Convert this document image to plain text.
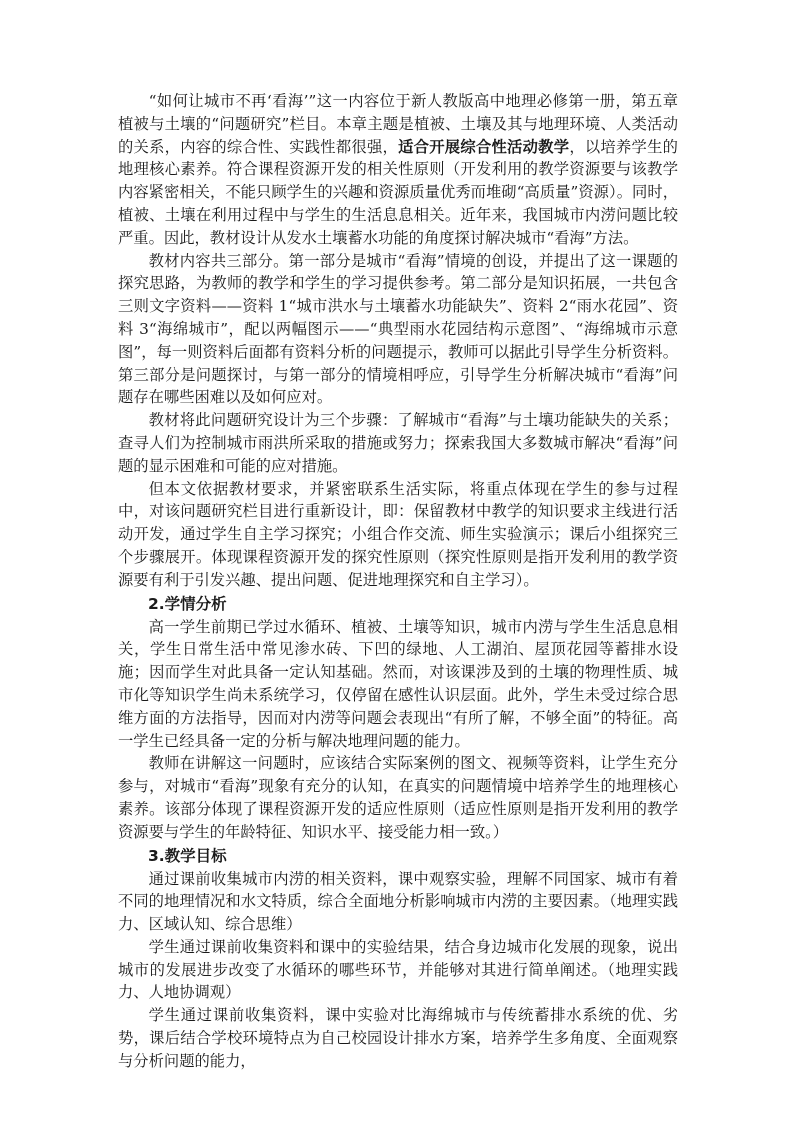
“如何让城市不再‘看海’”这一内容位于新人教版高中地理必修第一册，第五章植被与土壤的“问题研究”栏目。本章主题是植被、土壤及其与地理环境、人类活动的关系，内容的综合性、实践性都很强，适合开展综合性活动教学，以培养学生的地理核心素养。符合课程资源开发的相关性原则（开发利用的教学资源要与该教学内容紧密相关，不能只顾学生的兴趣和资源质量优秀而堆砌“高质量”资源）。同时，植被、土壤在利用过程中与学生的生活息息相关。近年来，我国城市内涝问题比较严重。因此，教材设计从发水土壤蓄水功能的角度探讨解决城市“看海”方法。

教材内容共三部分。第一部分是城市“看海”情境的创设，并提出了这一课题的探究思路，为教师的教学和学生的学习提供参考。第二部分是知识拓展，一共包含三则文字资料——资料 1“城市洪水与土壤蓄水功能缺失”、资料 2“雨水花园”、资料 3“海绵城市”，配以两幅图示——“典型雨水花园结构示意图”、“海绵城市示意图”，每一则资料后面都有资料分析的问题提示，教师可以据此引导学生分析资料。第三部分是问题探讨，与第一部分的情境相呼应，引导学生分析解决城市“看海”问题存在哪些困难以及如何应对。

教材将此问题研究设计为三个步骤：了解城市“看海”与土壤功能缺失的关系；查寻人们为控制城市雨洪所采取的措施或努力；探索我国大多数城市解决“看海”问题的显示困难和可能的应对措施。

但本文依据教材要求，并紧密联系生活实际，将重点体现在学生的参与过程中，对该问题研究栏目进行重新设计，即：保留教材中教学的知识要求主线进行活动开发，通过学生自主学习探究；小组合作交流、师生实验演示；课后小组探究三个步骤展开。体现课程资源开发的探究性原则（探究性原则是指开发利用的教学资源要有利于引发兴趣、提出问题、促进地理探究和自主学习）。

2.学情分析

高一学生前期已学过水循环、植被、土壤等知识，城市内涝与学生生活息息相关，学生日常生活中常见渗水砖、下凹的绿地、人工湖泊、屋顶花园等蓄排水设施；因而学生对此具备一定认知基础。然而，对该课涉及到的土壤的物理性质、城市化等知识学生尚未系统学习，仅停留在感性认识层面。此外，学生未受过综合思维方面的方法指导，因而对内涝等问题会表现出“有所了解，不够全面”的特征。高一学生已经具备一定的分析与解决地理问题的能力。

教师在讲解这一问题时，应该结合实际案例的图文、视频等资料，让学生充分参与，对城市“看海”现象有充分的认知，在真实的问题情境中培养学生的地理核心素养。该部分体现了课程资源开发的适应性原则（适应性原则是指开发利用的教学资源要与学生的年龄特征、知识水平、接受能力相一致。）

3.教学目标

通过课前收集城市内涝的相关资料，课中观察实验，理解不同国家、城市有着不同的地理情况和水文特质，综合全面地分析影响城市内涝的主要因素。（地理实践力、区域认知、综合思维）

学生通过课前收集资料和课中的实验结果，结合身边城市化发展的现象，说出城市的发展进步改变了水循环的哪些环节，并能够对其进行简单阐述。（地理实践力、人地协调观）

学生通过课前收集资料，课中实验对比海绵城市与传统蓄排水系统的优、劣势，课后结合学校环境特点为自己校园设计排水方案，培养学生多角度、全面观察与分析问题的能力，
